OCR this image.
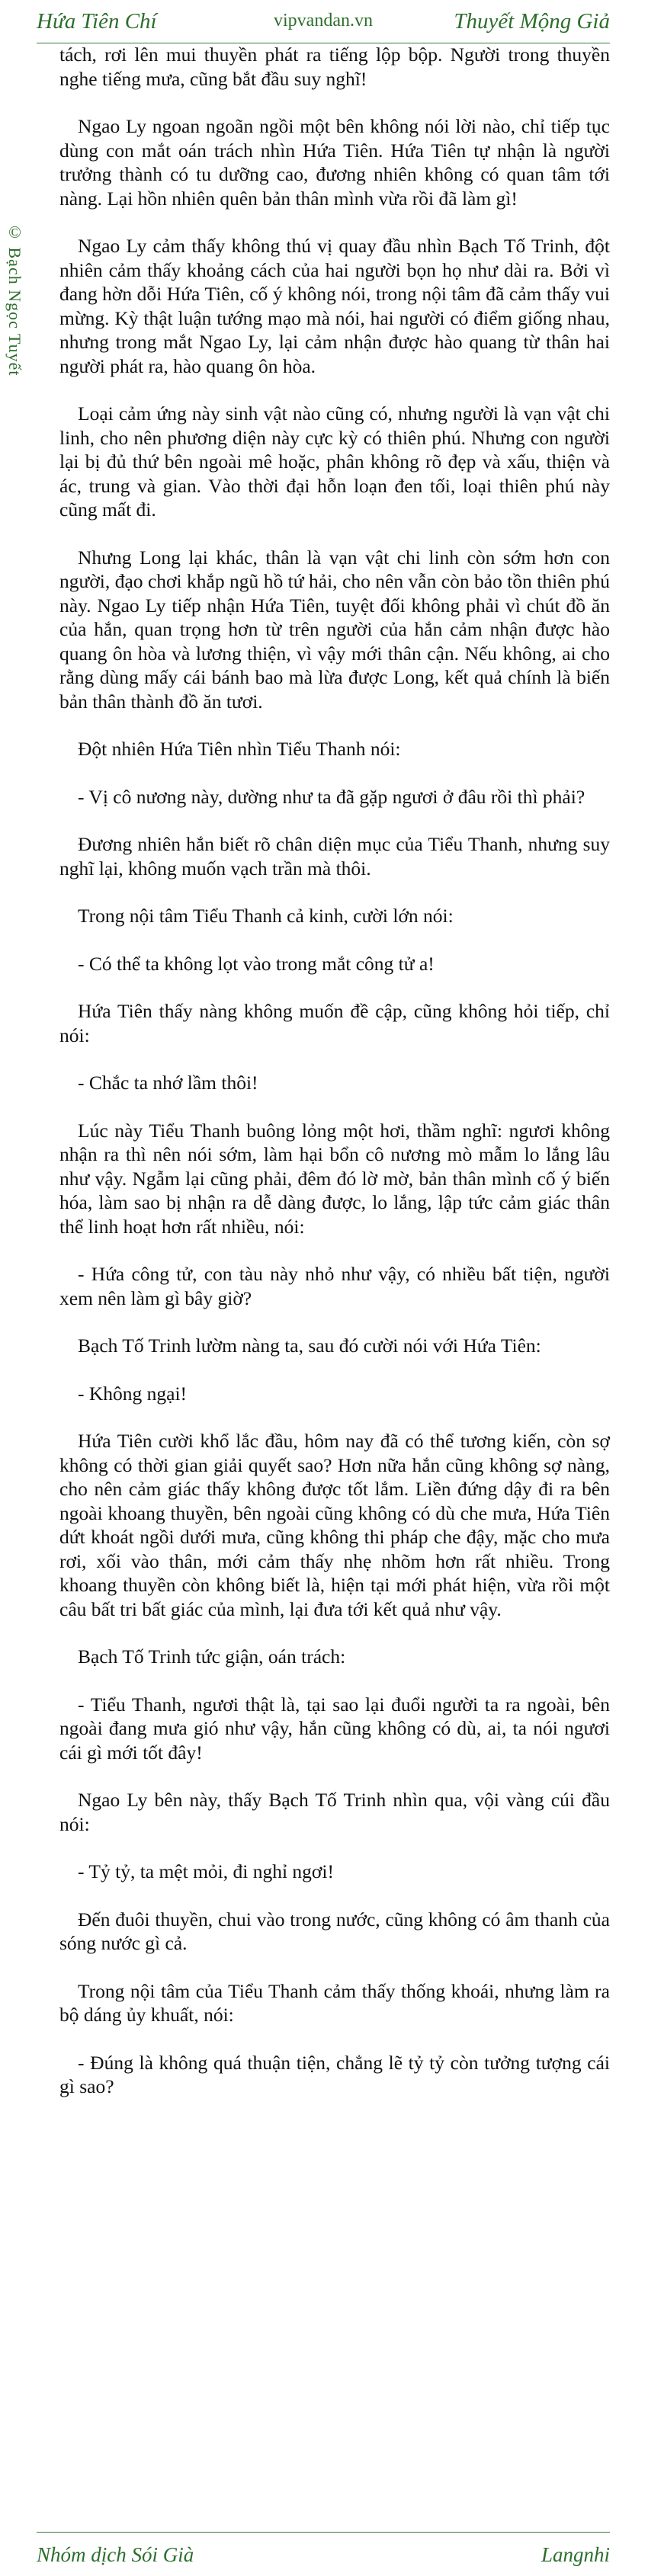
Hứa Tiên Chí	vipvandan.vn	Thuyết Mộng Giả
© Bạch Ngọc Tuyết

tách, rơi lên mui thuyền phát ra tiếng lộp bộp. Người trong thuyền nghe tiếng mưa, cũng bắt đầu suy nghĩ!

Ngao Ly ngoan ngoãn ngồi một bên không nói lời nào, chỉ tiếp tục dùng con mắt oán trách nhìn Hứa Tiên. Hứa Tiên tự nhận là người trưởng thành có tu dưỡng cao, đương nhiên không có quan tâm tới nàng. Lại hồn nhiên quên bản thân mình vừa rồi đã làm gì!

Ngao Ly cảm thấy không thú vị quay đầu nhìn Bạch Tố Trinh, đột nhiên cảm thấy khoảng cách của hai người bọn họ như dài ra. Bởi vì đang hờn dỗi Hứa Tiên, cố ý không nói, trong nội tâm đã cảm thấy vui mừng. Kỳ thật luận tướng mạo mà nói, hai người có điểm giống nhau, nhưng trong mắt Ngao Ly, lại cảm nhận được hào quang từ thân hai người phát ra, hào quang ôn hòa.

Loại cảm ứng này sinh vật nào cũng có, nhưng người là vạn vật chi linh, cho nên phương diện này cực kỳ có thiên phú. Nhưng con người lại bị đủ thứ bên ngoài mê hoặc, phân không rõ đẹp và xấu, thiện và ác, trung và gian. Vào thời đại hỗn loạn đen tối, loại thiên phú này cũng mất đi.

Nhưng Long lại khác, thân là vạn vật chi linh còn sớm hơn con người, đạo chơi khắp ngũ hồ tứ hải, cho nên vẫn còn bảo tồn thiên phú này. Ngao Ly tiếp nhận Hứa Tiên, tuyệt đối không phải vì chút đồ ăn của hắn, quan trọng hơn từ trên người của hắn cảm nhận được hào quang ôn hòa và lương thiện, vì vậy mới thân cận. Nếu không, ai cho rằng dùng mấy cái bánh bao mà lừa được Long, kết quả chính là biến bản thân thành đồ ăn tươi.

Đột nhiên Hứa Tiên nhìn Tiểu Thanh nói:

- Vị cô nương này, dường như ta đã gặp ngươi ở đâu rồi thì phải?

Đương nhiên hắn biết rõ chân diện mục của Tiểu Thanh, nhưng suy nghĩ lại, không muốn vạch trần mà thôi.

Trong nội tâm Tiểu Thanh cả kinh, cười lớn nói:

- Có thể ta không lọt vào trong mắt công tử a!

Hứa Tiên thấy nàng không muốn đề cập, cũng không hỏi tiếp, chỉ nói:

- Chắc ta nhớ lầm thôi!

Lúc này Tiểu Thanh buông lỏng một hơi, thầm nghĩ: ngươi không nhận ra thì nên nói sớm, làm hại bổn cô nương mò mẫm lo lắng lâu như vậy. Ngẫm lại cũng phải, đêm đó lờ mờ, bản thân mình cố ý biến hóa, làm sao bị nhận ra dễ dàng được, lo lắng, lập tức cảm giác thân thể linh hoạt hơn rất nhiều, nói:

- Hứa công tử, con tàu này nhỏ như vậy, có nhiều bất tiện, người xem nên làm gì bây giờ?

Bạch Tố Trinh lườm nàng ta, sau đó cười nói với Hứa Tiên:

- Không ngại!

Hứa Tiên cười khổ lắc đầu, hôm nay đã có thể tương kiến, còn sợ không có thời gian giải quyết sao? Hơn nữa hắn cũng không sợ nàng, cho nên cảm giác thấy không được tốt lắm. Liền đứng dậy đi ra bên ngoài khoang thuyền, bên ngoài cũng không có dù che mưa, Hứa Tiên dứt khoát ngồi dưới mưa, cũng không thi pháp che đậy, mặc cho mưa rơi, xối vào thân, mới cảm thấy nhẹ nhõm hơn rất nhiều. Trong khoang thuyền còn không biết là, hiện tại mới phát hiện, vừa rồi một câu bất tri bất giác của mình, lại đưa tới kết quả như vậy.

Bạch Tố Trinh tức giận, oán trách:

- Tiểu Thanh, ngươi thật là, tại sao lại đuổi người ta ra ngoài, bên ngoài đang mưa gió như vậy, hắn cũng không có dù, ai, ta nói ngươi cái gì mới tốt đây!

Ngao Ly bên này, thấy Bạch Tố Trinh nhìn qua, vội vàng cúi đầu nói:

- Tỷ tỷ, ta mệt mỏi, đi nghỉ ngơi!

Đến đuôi thuyền, chui vào trong nước, cũng không có âm thanh của sóng nước gì cả.

Trong nội tâm của Tiểu Thanh cảm thấy thống khoái, nhưng làm ra bộ dáng ủy khuất, nói:

- Đúng là không quá thuận tiện, chẳng lẽ tỷ tỷ còn tưởng tượng cái gì sao?

Nhóm dịch Sói Già	Langnhi
